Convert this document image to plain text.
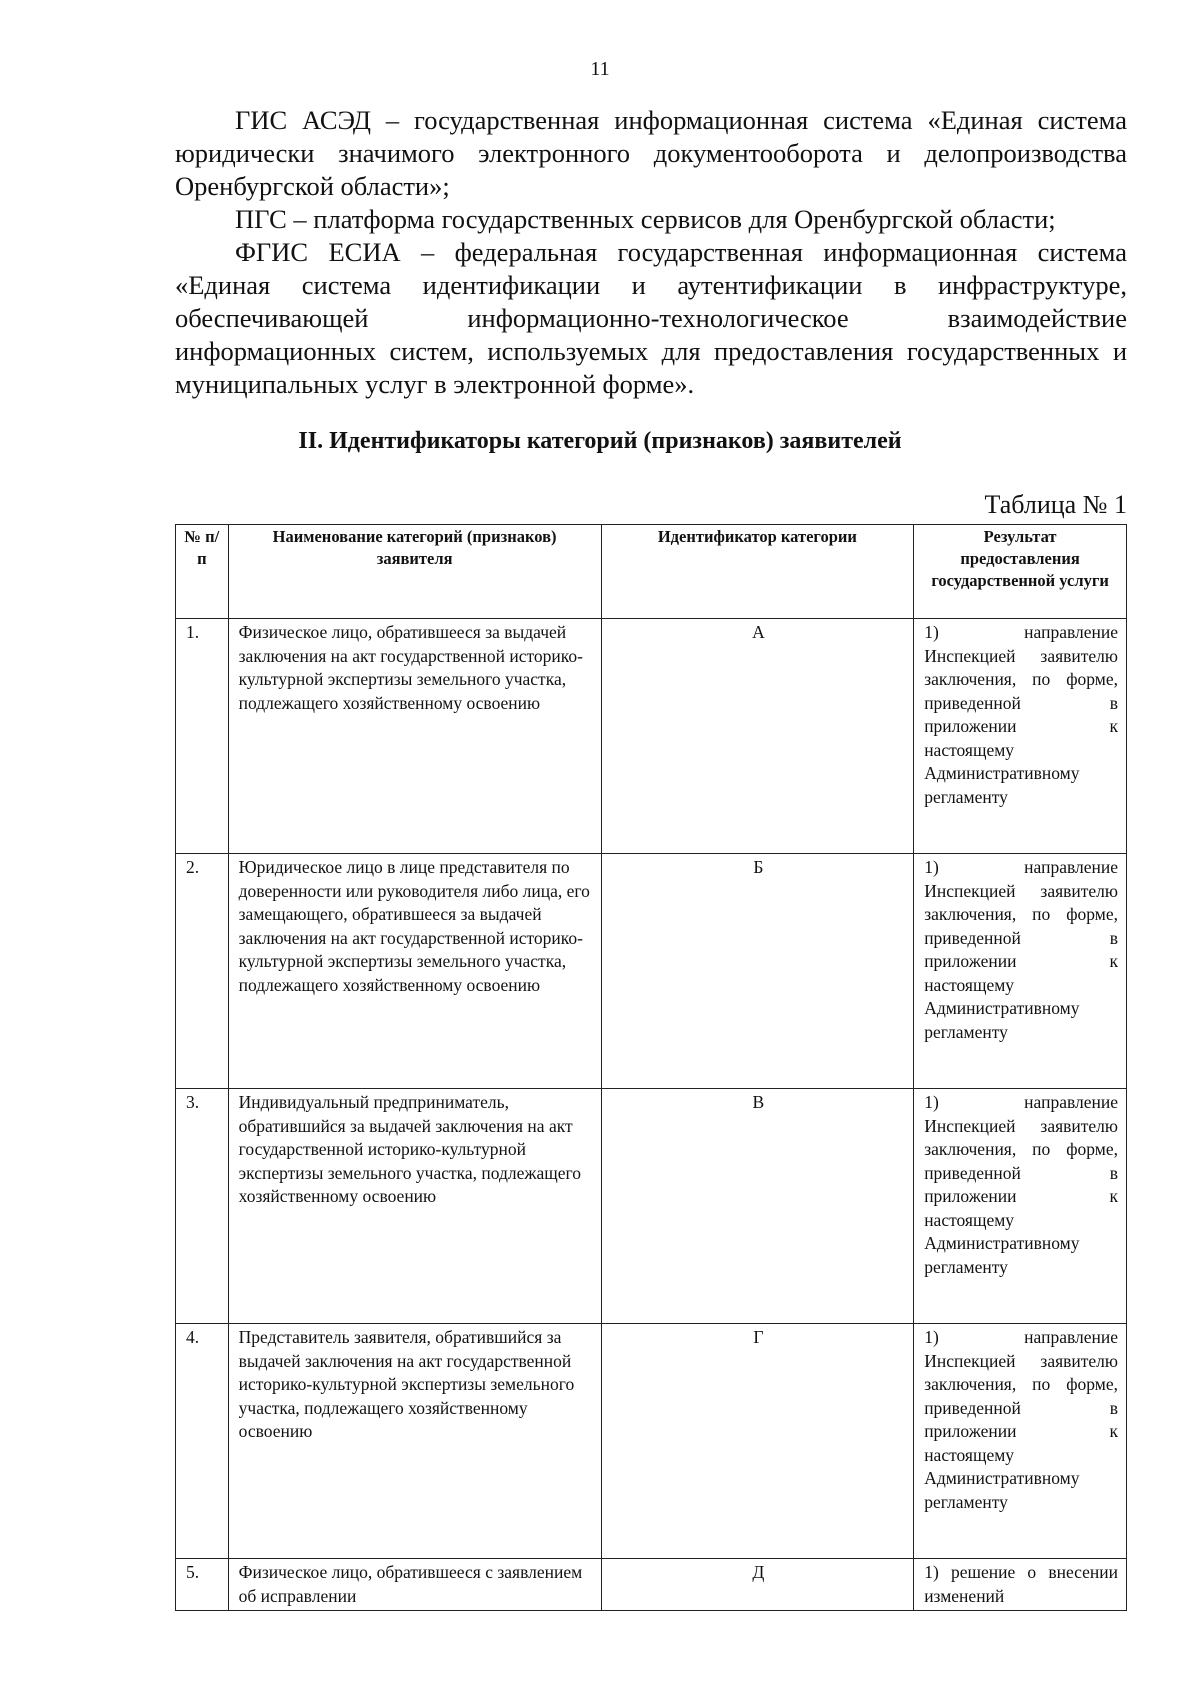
11

ГИС АСЭД – государственная информационная система «Единая система юридически значимого электронного документооборота и делопроизводства Оренбургской области»;

ПГС – платформа государственных сервисов для Оренбургской области;

ФГИС ЕСИА – федеральная государственная информационная система «Единая система идентификации и аутентификации в инфраструктуре, обеспечивающей информационно-технологическое взаимодействие информационных систем, используемых для предоставления государственных и муниципальных услуг в электронной форме».

II. Идентификаторы категорий (признаков) заявителей
Таблица № 1
№ п/п	Наименование категорий (признаков) заявителя	Идентификатор категории	Результат предоставления государственной услуги
1.	Физическое лицо, обратившееся за выдачей заключения на акт государственной историко-культурной экспертизы земельного участка, подлежащего хозяйственному освоению	А	1) направление Инспекцией заявителю заключения, по форме, приведенной в приложении к настоящему Административному регламенту
2.	Юридическое лицо в лице представителя по доверенности или руководителя либо лица, его замещающего, обратившееся за выдачей заключения на акт государственной историко-культурной экспертизы земельного участка, подлежащего хозяйственному освоению	Б	1) направление Инспекцией заявителю заключения, по форме, приведенной в приложении к настоящему Административному регламенту
3.	Индивидуальный предприниматель, обратившийся за выдачей заключения на акт государственной историко-культурной экспертизы земельного участка, подлежащего хозяйственному освоению	В	1) направление Инспекцией заявителю заключения, по форме, приведенной в приложении к настоящему Административному регламенту
4.	Представитель заявителя, обратившийся за выдачей заключения на акт государственной историко-культурной экспертизы земельного участка, подлежащего хозяйственному освоению	Г	1) направление Инспекцией заявителю заключения, по форме, приведенной в приложении к настоящему Административному регламенту
5.	Физическое лицо, обратившееся с заявлением об исправлении	Д	1) решение о внесении изменений
